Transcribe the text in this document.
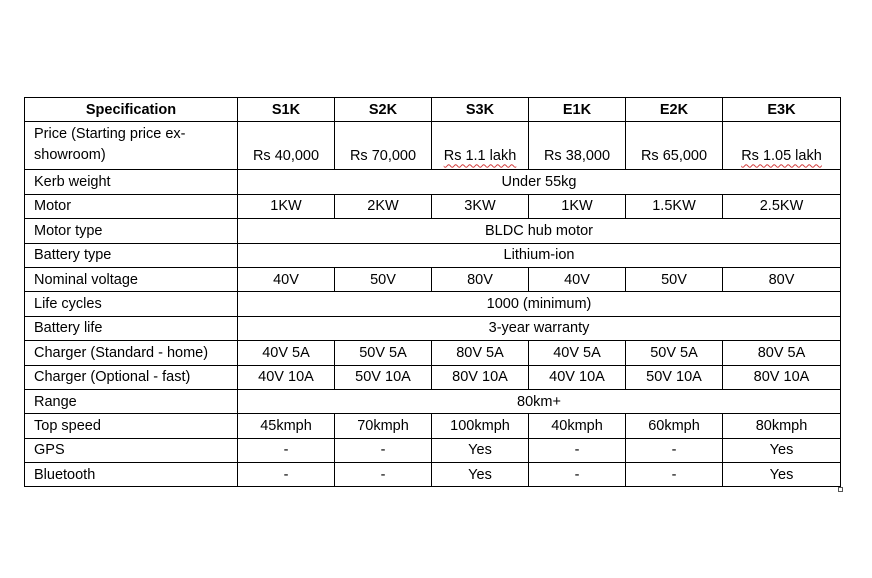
Specification	S1K	S2K	S3K	E1K	E2K	E3K
Price (Starting price ex-showroom)	Rs 40,000	Rs 70,000	Rs 1.1 lakh	Rs 38,000	Rs 65,000	Rs 1.05 lakh
Kerb weight	Under 55kg					
Motor	1KW	2KW	3KW	1KW	1.5KW	2.5KW
Motor type	BLDC hub motor					
Battery type	Lithium-ion					
Nominal voltage	40V	50V	80V	40V	50V	80V
Life cycles	1000 (minimum)					
Battery life	3-year warranty					
Charger (Standard - home)	40V 5A	50V 5A	80V 5A	40V 5A	50V 5A	80V 5A
Charger (Optional - fast)	40V 10A	50V 10A	80V 10A	40V 10A	50V 10A	80V 10A
Range	80km+					
Top speed	45kmph	70kmph	100kmph	40kmph	60kmph	80kmph
GPS	-	-	Yes	-	-	Yes
Bluetooth	-	-	Yes	-	-	Yes
